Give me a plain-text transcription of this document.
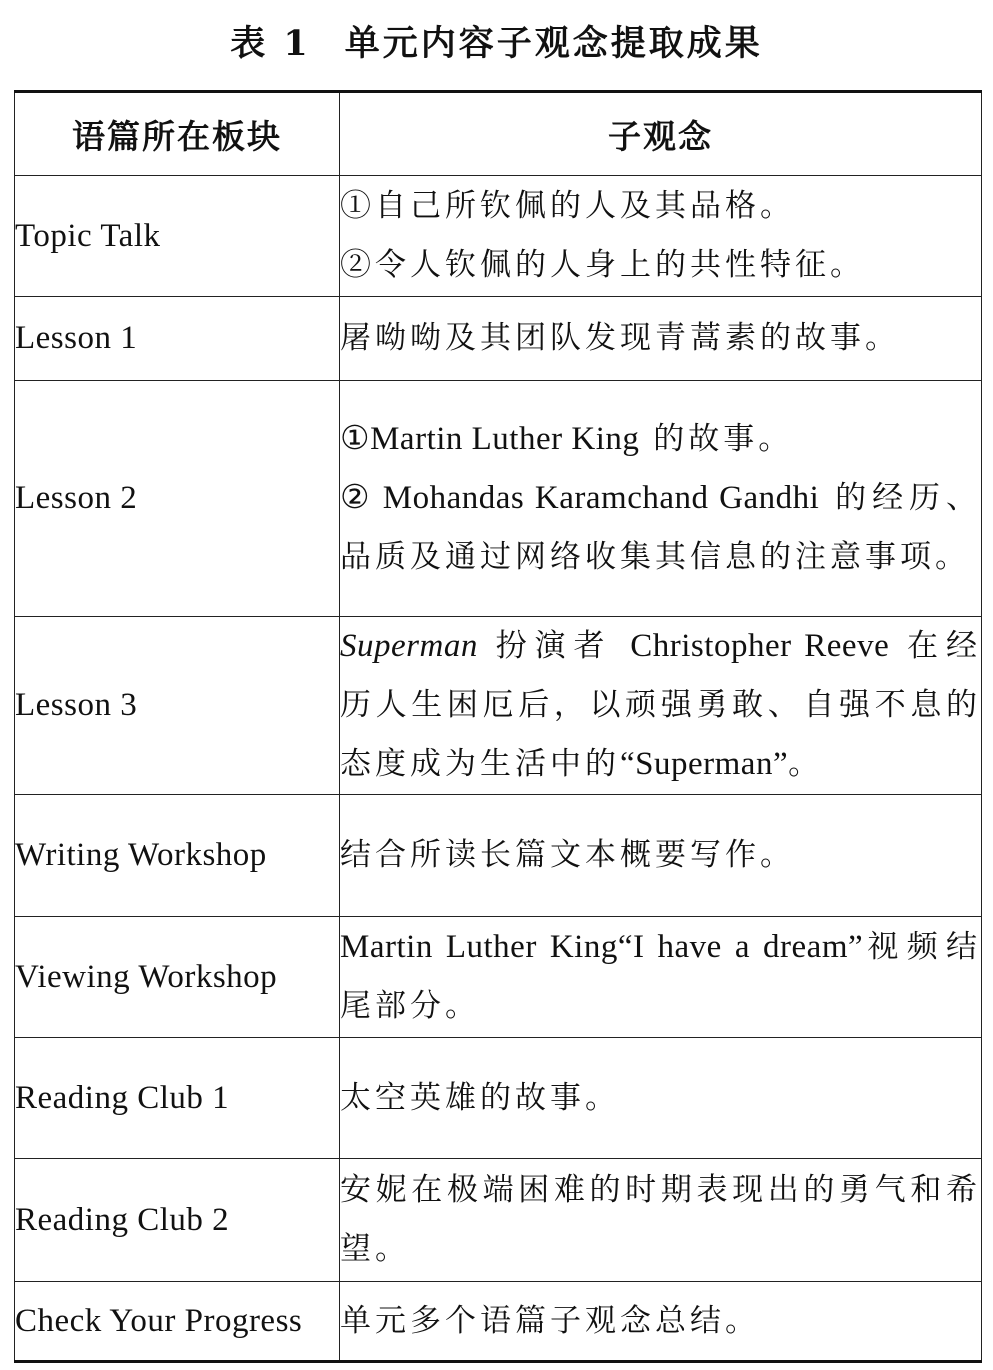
表 1 单元内容子观念提取成果
语篇所在板块	子观念
Topic Talk	①自己所钦佩的人及其品格。

②令人钦佩的人身上的共性特征。

Lesson 1	屠呦呦及其团队发现青蒿素的故事。

Lesson 2	①Martin Luther King 的故事。

② Mohandas Karamchand Gandhi 的经历、品质及通过网络收集其信息的注意事项。

Lesson 3	Superman 扮演者 Christopher Reeve 在经历人生困厄后，以顽强勇敢、自强不息的态度成为生活中的“Superman”。

Writing Workshop	结合所读长篇文本概要写作。

Viewing Workshop	Martin Luther King“I have a dream”视频结尾部分。

Reading Club 1	太空英雄的故事。

Reading Club 2	安妮在极端困难的时期表现出的勇气和希望。

Check Your Progress	单元多个语篇子观念总结。
